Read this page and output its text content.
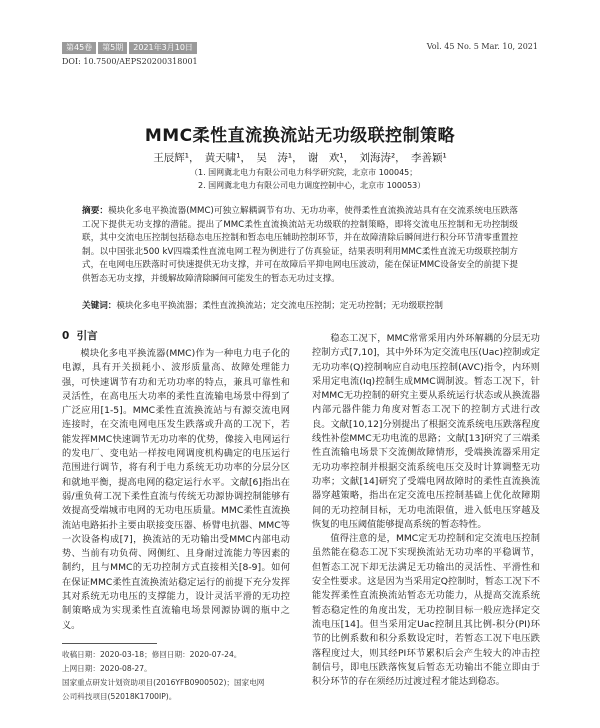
第45卷 第5期 2021年3月10日	Vol. 45 No. 5 Mar. 10, 2021
DOI: 10.7500/AEPS20200318001
MMC柔性直流换流站无功级联控制策略
王辰辉¹， 黄天啸¹， 吴　涛¹， 谢　欢¹， 刘海涛²， 李善颖¹
（1. 国网冀北电力有限公司电力科学研究院，北京市 100045；
2. 国网冀北电力有限公司电力调度控制中心，北京市 100053）
摘要：模块化多电平换流器(MMC)可独立解耦调节有功、无功功率，使得柔性直流换流站具有在交流系统电压跌落工况下提供无功支撑的潜能。提出了MMC柔性直流换流站无功级联的控制策略，即将交流电压控制和无功控制级联，其中交流电压控制包括稳态电压控制和暂态电压辅助控制环节，并在故障清除后瞬间进行积分环节清零重置控制。以中国张北500 kV四端柔性直流电网工程为例进行了仿真验证，结果表明利用MMC柔性直流无功级联控制方式，在电网电压跌落时可快速提供无功支撑，并可在故障后平抑电网电压波动，能在保证MMC设备安全的前提下提供暂态无功支撑，并缓解故障清除瞬间可能发生的暂态无功过支撑。
关键词：模块化多电平换流器；柔性直流换流站；定交流电压控制；定无功控制；无功级联控制
0 引言

模块化多电平换流器(MMC)作为一种电力电子化的电源，具有开关损耗小、波形质量高、故障处理能力强，可快速调节有功和无功功率的特点，兼具可靠性和灵活性，在高电压大功率的柔性直流输电场景中得到了广泛应用[1-5]。MMC柔性直流换流站与有源交流电网连接时，在交流电网电压发生跌落或升高的工况下，若能发挥MMC快速调节无功功率的优势，像接入电网运行的发电厂、变电站一样按电网调度机构确定的电压运行范围进行调节，将有利于电力系统无功功率的分层分区和就地平衡，提高电网的稳定运行水平。文献[6]指出在弱/重负荷工况下柔性直流与传统无功源协调控制能够有效提高受端城市电网的无功电压质量。MMC柔性直流换流站电路拓扑主要由联接变压器、桥臂电抗器、MMC等一次设备构成[7]，换流站的无功输出受MMC内部电动势、当前有功负荷、网侧红、且身耐过流能力等因素的制约，且与MMC的无功控制方式直接相关[8-9]。如何在保证MMC柔性直流换流站稳定运行的前提下充分发挥其对系统无功电压的支撑能力，设计灵活平滑的无功控制策略成为实现柔性直流输电场景网源协调的瓶中之义。

稳态工况下，MMC常常采用内外环解耦的分层无功控制方式[7,10]，其中外环为定交流电压(Uac)控制或定无功功率(Q)控制响应自动电压控制(AVC)指令，内环则采用定电流(Iq)控制生成MMC调制波。暂态工况下，针对MMC无功控制的研究主要从系统运行状态或从换流器内部元器件能力角度对暂态工况下的控制方式进行改良。文献[10,12]分别提出了根据交流系统电压跌落程度线性补偿MMC无功电流的思路；文献[13]研究了三端柔性直流输电场景下交流侧故障情形，受端换流器采用定无功功率控制并根据交流系统电压交及时计算调整无功功率；文献[14]研究了受端电网故障时的柔性直流换流器穿越策略，指出在定交流电压控制基础上优化故障期间的无功控制目标，无功电流限值，进入低电压穿越及恢复的电压阈值能够提高系统的暂态特性。

值得注意的是，MMC定无功控制和定交流电压控制虽然能在稳态工况下实现换流站无功功率的平稳调节，但暂态工况下却无法满足无功输出的灵活性、平滑性和安全性要求。这是因为当采用定Q控制时，暂态工况下不能发挥柔性直流换流站暂态无功能力，从提高交流系统暂态稳定性的角度出发，无功控制目标一般应选择定交流电压[14]。但当采用定Uac控制且其比例-积分(PI)环节的比例系数和积分系数设定时，若暂态工况下电压跌落程度过大，则其经PI环节累积后会产生较大的冲击控制信号，即电压跌落恢复后暂态无功输出不能立即由于积分环节的存在须经历过渡过程才能达到稳态。

收稿日期：2020-03-18；修回日期：2020-07-24。
上网日期：2020-08-27。
国家重点研发计划资助项目(2016YFB0900502)；国家电网
公司科技项目(52018K1700IP)。
